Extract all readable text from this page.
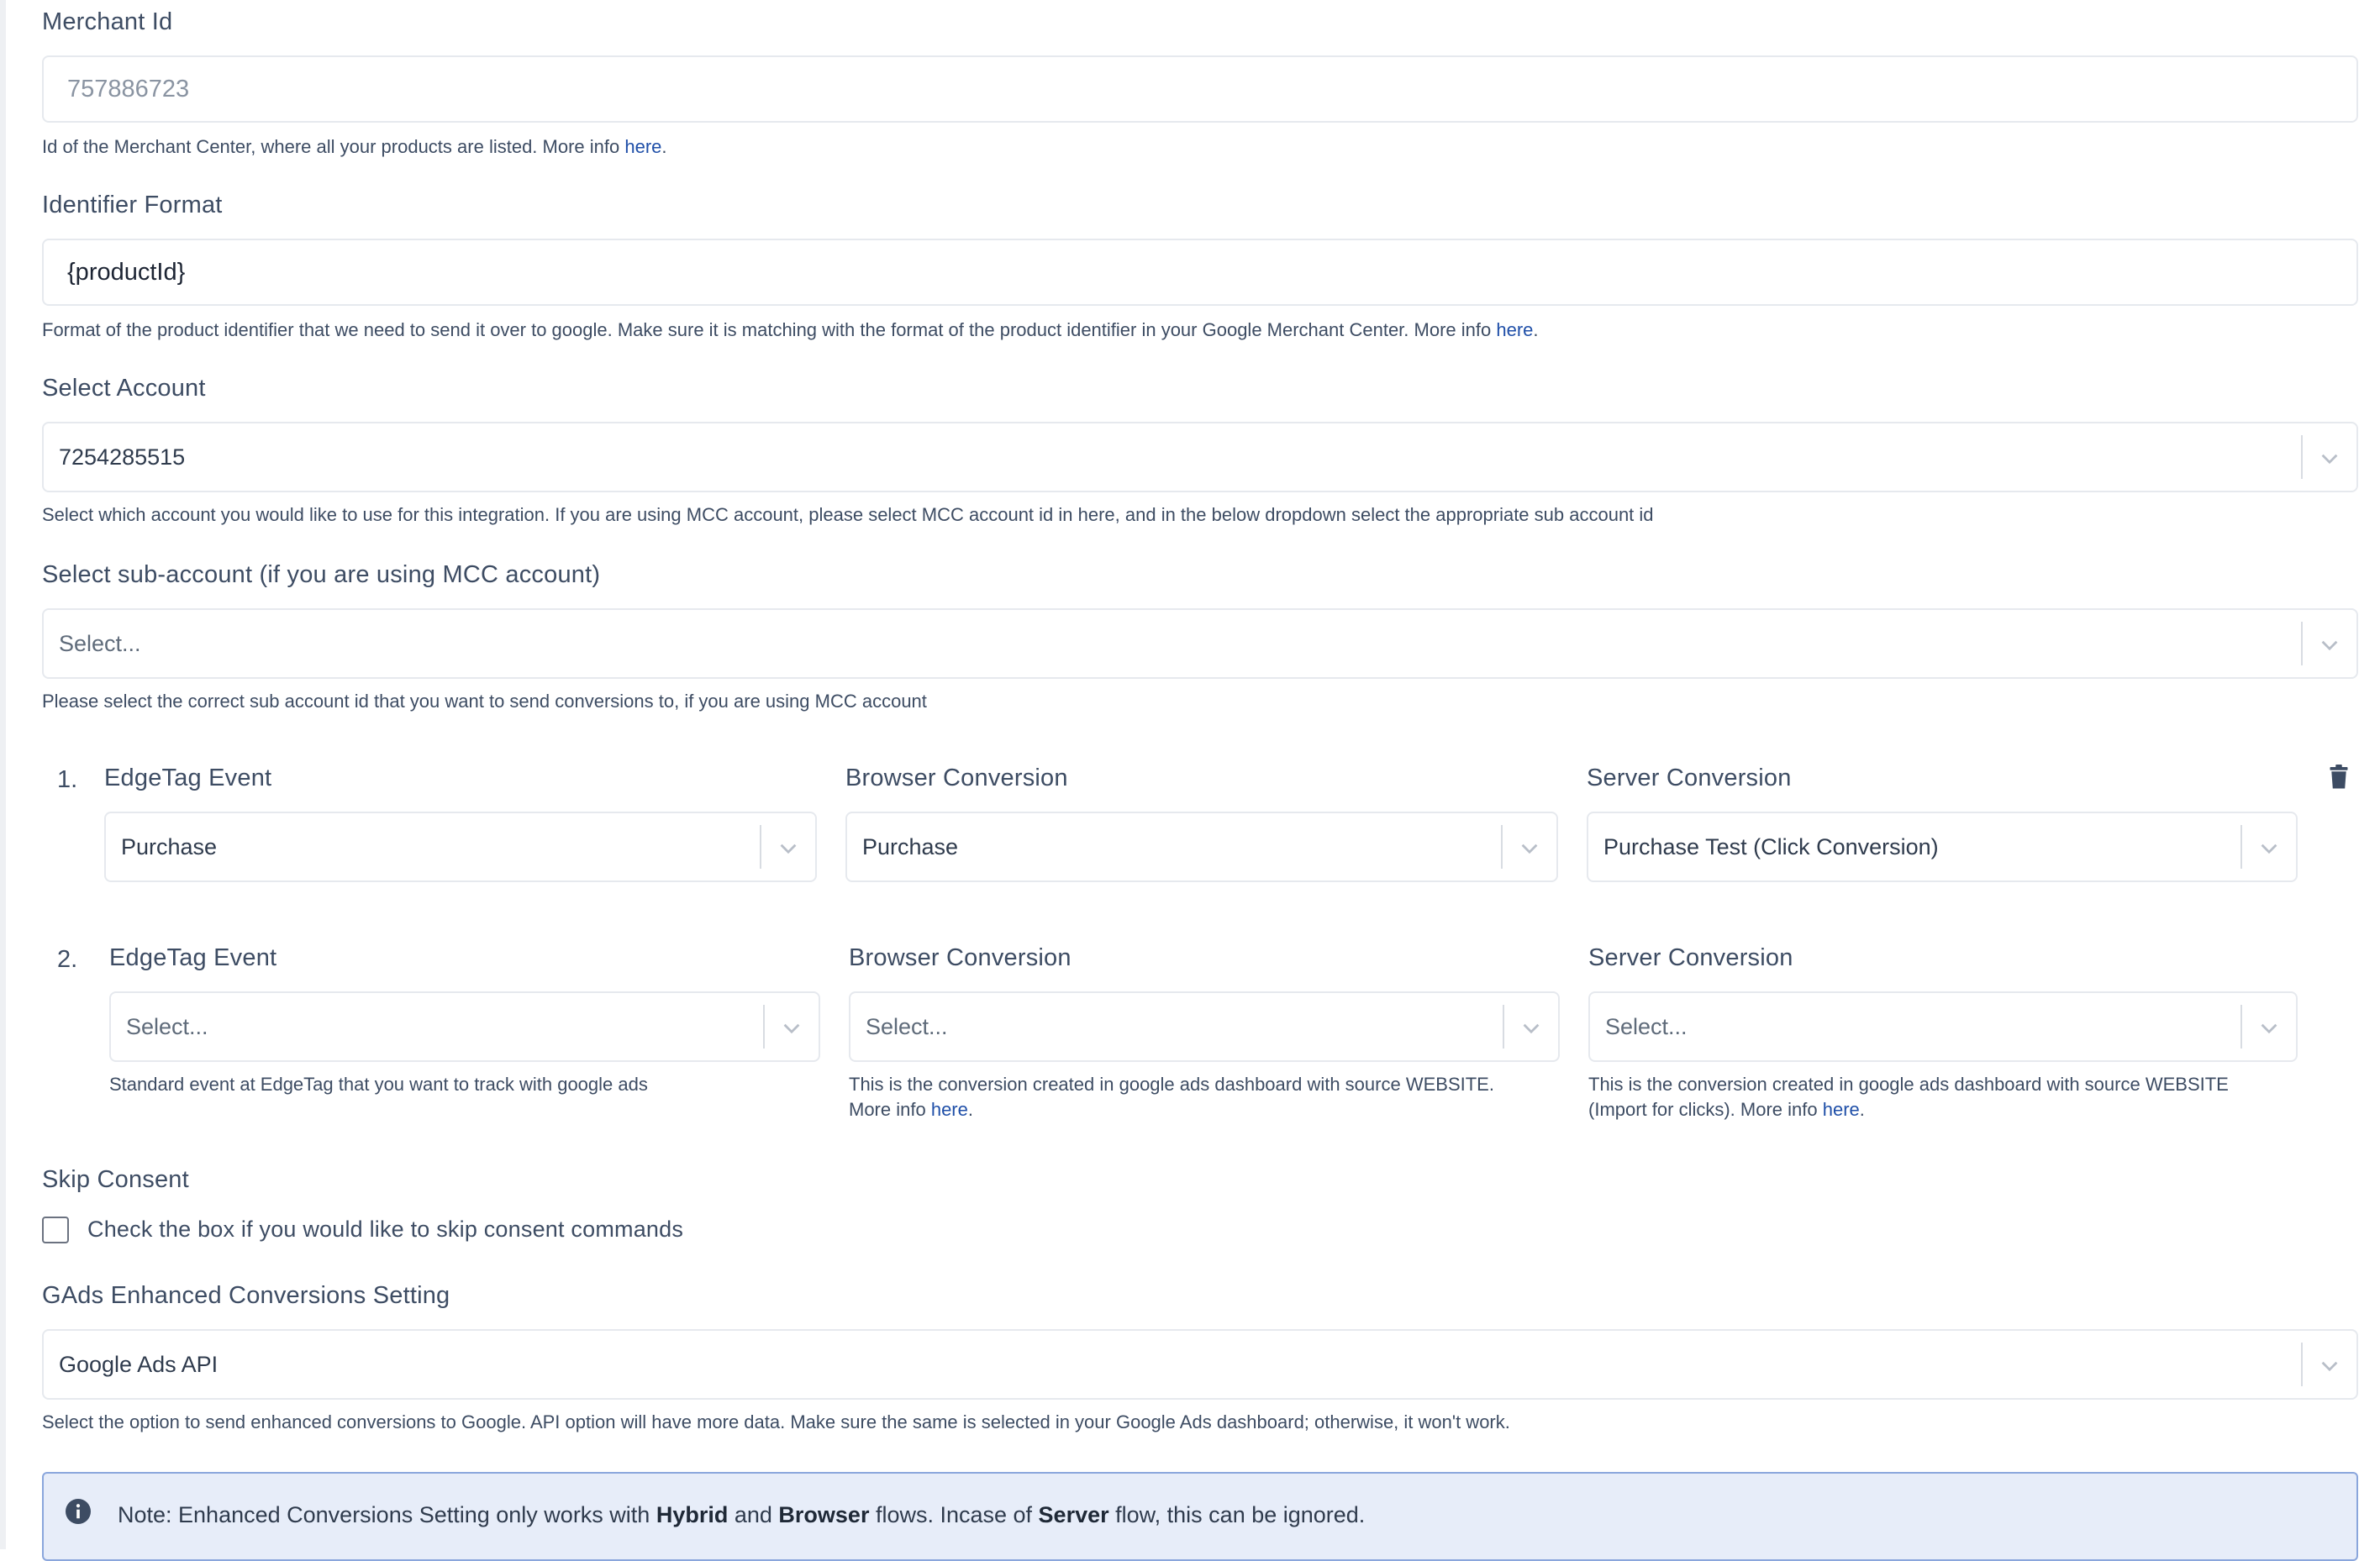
Merchant Id
757886723
Id of the Merchant Center, where all your products are listed. More info here.
Identifier Format
{productId}
Format of the product identifier that we need to send it over to google. Make sure it is matching with the format of the product identifier in your Google Merchant Center. More info here.
Select Account
7254285515
Select which account you would like to use for this integration. If you are using MCC account, please select MCC account id in here, and in the below dropdown select the appropriate sub account id
Select sub-account (if you are using MCC account)
Select...
Please select the correct sub account id that you want to send conversions to, if you are using MCC account
1. EdgeTag Event
Purchase
Browser Conversion
Purchase
Server Conversion
Purchase Test (Click Conversion)
2. EdgeTag Event
Select...
Standard event at EdgeTag that you want to track with google ads
Browser Conversion
Select...
This is the conversion created in google ads dashboard with source WEBSITE.
More info here.
Server Conversion
Select...
This is the conversion created in google ads dashboard with source WEBSITE
(Import for clicks). More info here.
Skip Consent
Check the box if you would like to skip consent commands
GAds Enhanced Conversions Setting
Google Ads API
Select the option to send enhanced conversions to Google. API option will have more data. Make sure the same is selected in your Google Ads dashboard; otherwise, it won't work.
Note: Enhanced Conversions Setting only works with Hybrid and Browser flows. Incase of Server flow, this can be ignored.
